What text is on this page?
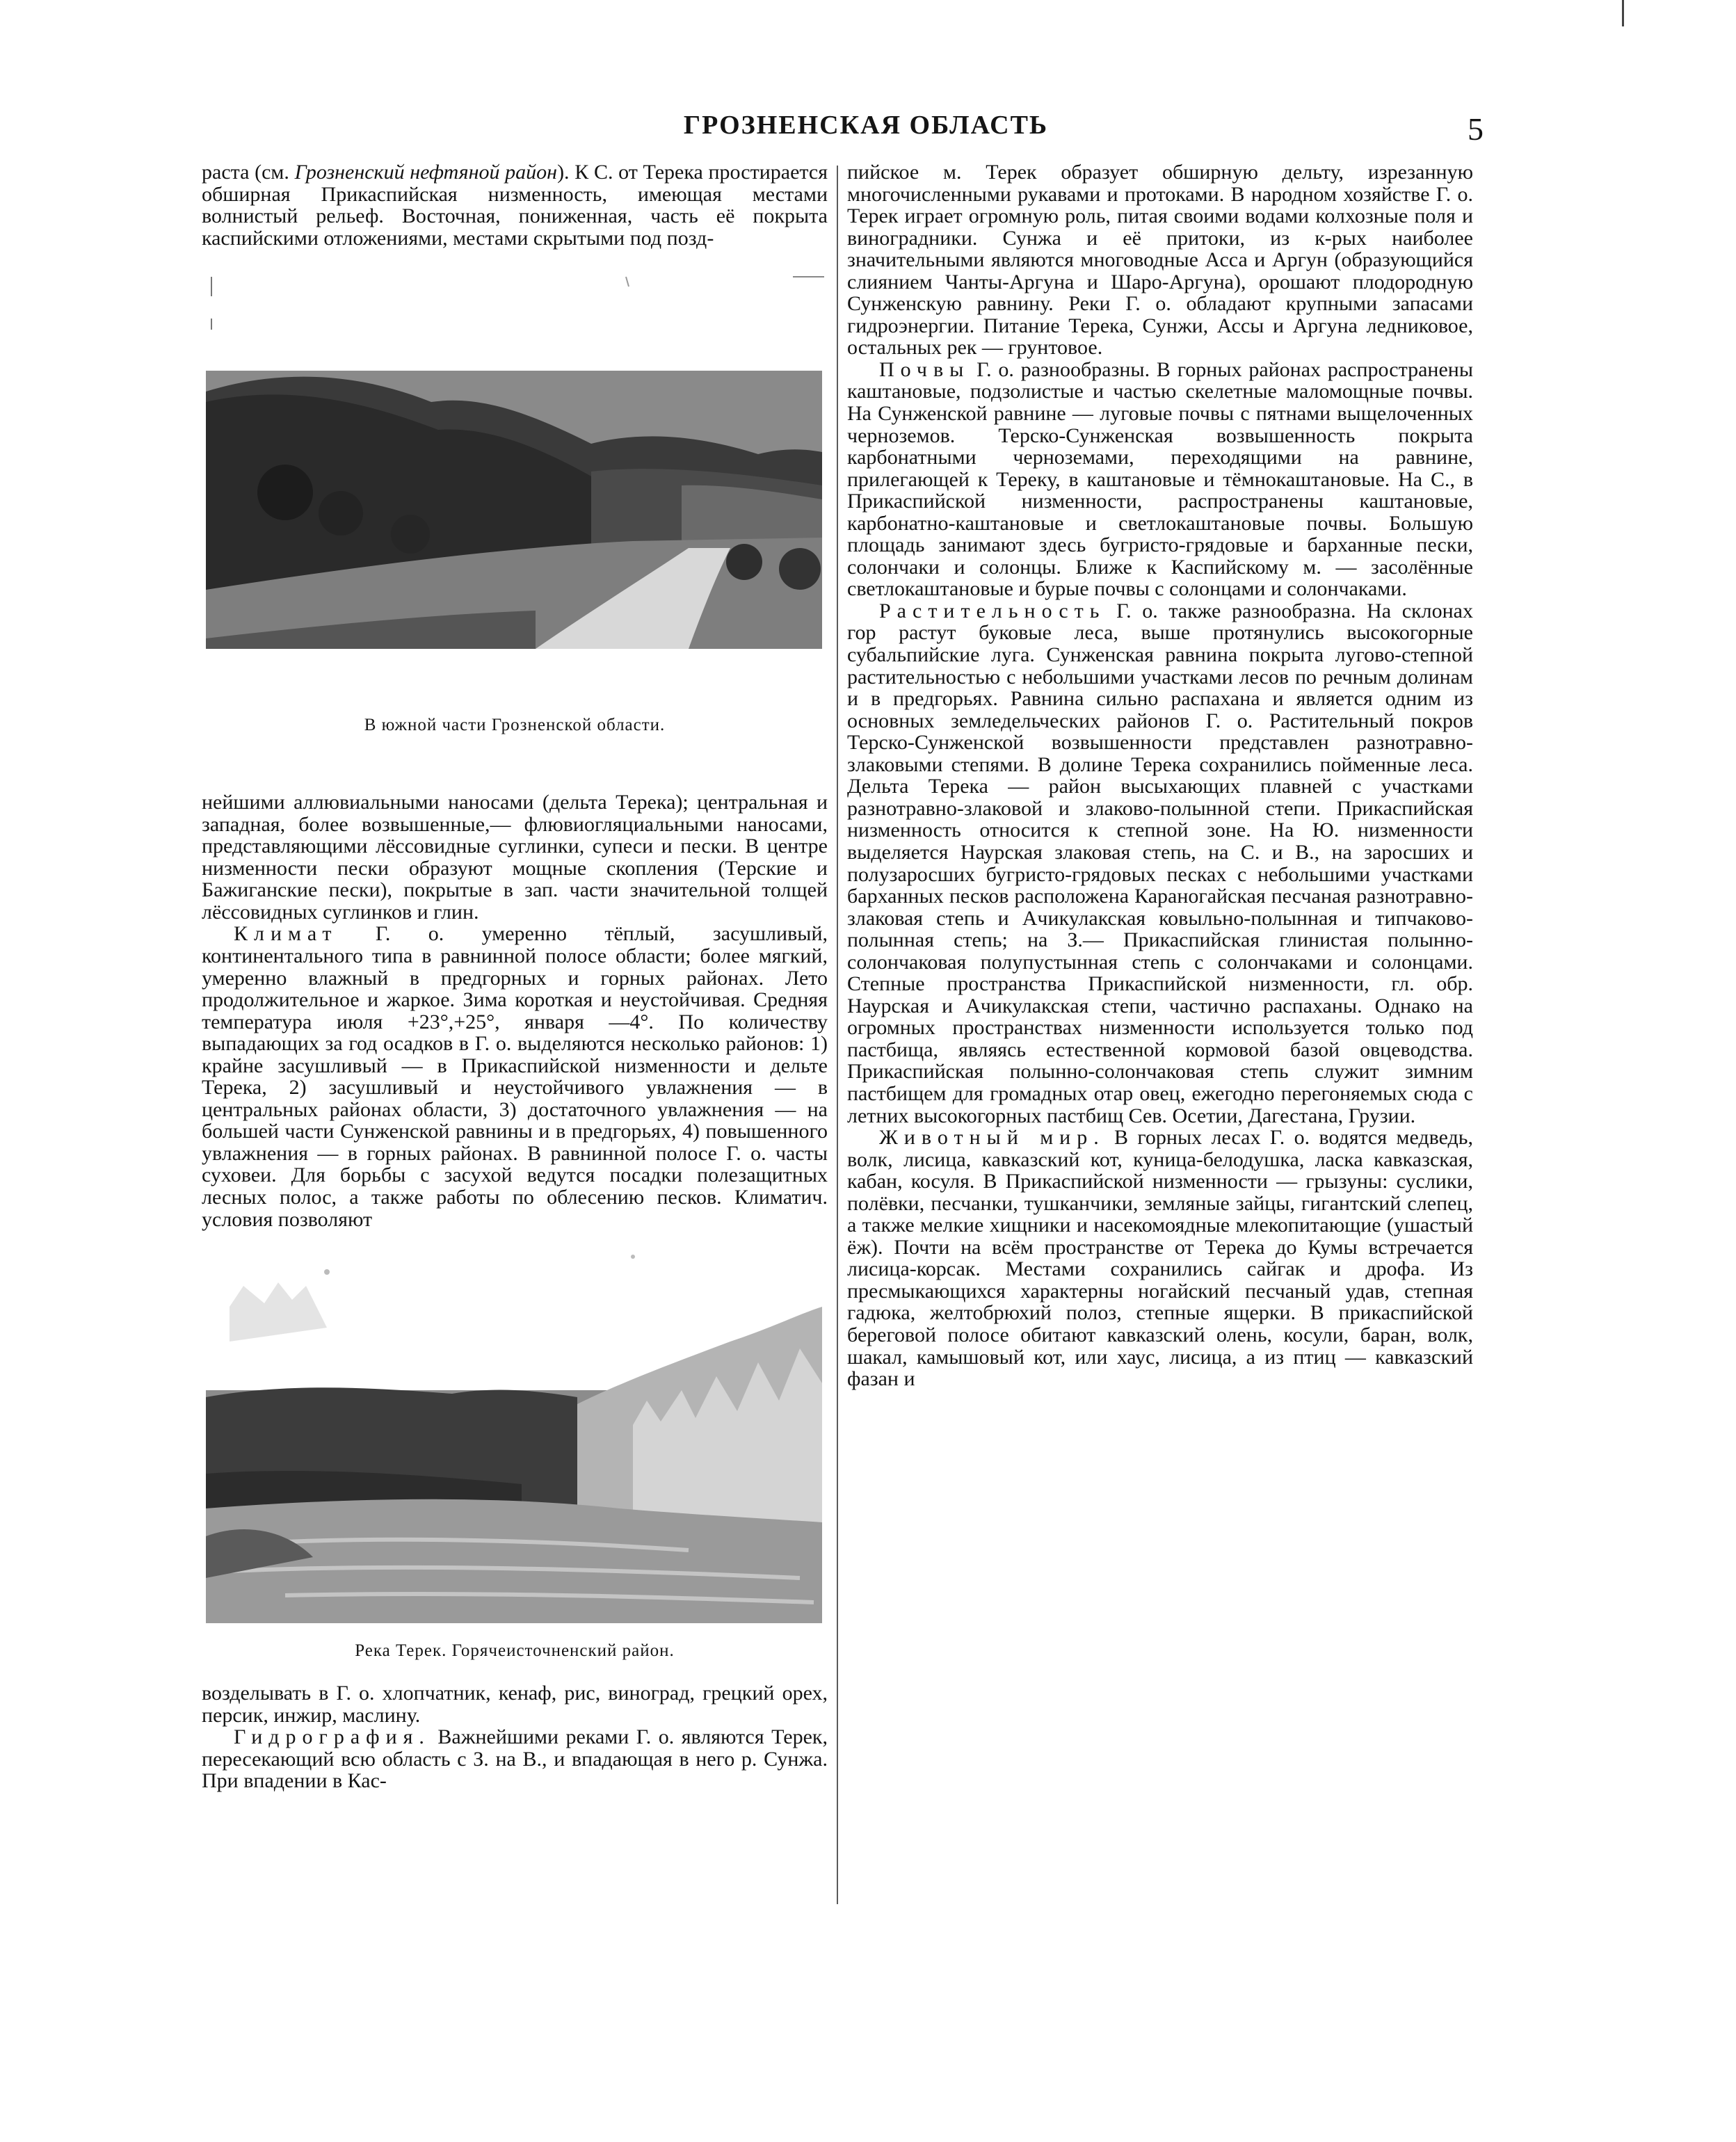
ГРОЗНЕНСКАЯ ОБЛАСТЬ	5

раста (см. Грозненский нефтяной район). К С. от Терека простирается обширная Прикаспийская низменность, имеющая местами волнистый рельеф. Восточная, пониженная, часть её покрыта каспийскими отложениями, местами скрытыми под позд-

В южной части Грозненской области.

нейшими аллювиальными наносами (дельта Терека); центральная и западная, более возвышенные,— флювиогляциальными наносами, представляющими лёссовидные суглинки, супеси и пески. В центре низменности пески образуют мощные скопления (Терские и Бажиганские пески), покрытые в зап. части значительной толщей лёссовидных суглинков и глин.

Климат Г. о. умеренно тёплый, засушливый, континентального типа в равнинной полосе области; более мягкий, умеренно влажный в предгорных и горных районах. Лето продолжительное и жаркое. Зима короткая и неустойчивая. Средняя температура июля +23°,+25°, января —4°. По количеству выпадающих за год осадков в Г. о. выделяются несколько районов: 1) крайне засушливый — в Прикаспийской низменности и дельте Терека, 2) засушливый и неустойчивого увлажнения — в центральных районах области, 3) достаточного увлажнения — на большей части Сунженской равнины и в предгорьях, 4) повышенного увлажнения — в горных районах. В равнинной полосе Г. о. часты суховеи. Для борьбы с засухой ведутся посадки полезащитных лесных полос, а также работы по облесению песков. Климатич. условия позволяют

Река Терек. Горячеисточненский район.

возделывать в Г. о. хлопчатник, кенаф, рис, виноград, грецкий орех, персик, инжир, маслину.

Гидрография. Важнейшими реками Г. о. являются Терек, пересекающий всю область с З. на В., и впадающая в него р. Сунжа. При впадении в Кас-

пийское м. Терек образует обширную дельту, изрезанную многочисленными рукавами и протоками. В народном хозяйстве Г. о. Терек играет огромную роль, питая своими водами колхозные поля и виноградники. Сунжа и её притоки, из к-рых наиболее значительными являются многоводные Асса и Аргун (образующийся слиянием Чанты-Аргуна и Шаро-Аргуна), орошают плодородную Сунженскую равнину. Реки Г. о. обладают крупными запасами гидроэнергии. Питание Терека, Сунжи, Ассы и Аргуна ледниковое, остальных рек — грунтовое.

Почвы Г. о. разнообразны. В горных районах распространены каштановые, подзолистые и частью скелетные маломощные почвы. На Сунженской равнине — луговые почвы с пятнами выщелоченных черноземов. Терско-Сунженская возвышенность покрыта карбонатными черноземами, переходящими на равнине, прилегающей к Тереку, в каштановые и тёмнокаштановые. На С., в Прикаспийской низменности, распространены каштановые, карбонатно-каштановые и светлокаштановые почвы. Большую площадь занимают здесь бугристо-грядовые и барханные пески, солончаки и солонцы. Ближе к Каспийскому м. — засолённые светлокаштановые и бурые почвы с солонцами и солончаками.

Растительность Г. о. также разнообразна. На склонах гор растут буковые леса, выше протянулись высокогорные субальпийские луга. Сунженская равнина покрыта лугово-степной растительностью с небольшими участками лесов по речным долинам и в предгорьях. Равнина сильно распахана и является одним из основных земледельческих районов Г. о. Растительный покров Терско-Сунженской возвышенности представлен разнотравно-злаковыми степями. В долине Терека сохранились пойменные леса. Дельта Терека — район высыхающих плавней с участками разнотравно-злаковой и злаково-полынной степи. Прикаспийская низменность относится к степной зоне. На Ю. низменности выделяется Наурская злаковая степь, на С. и В., на заросших и полузаросших бугристо-грядовых песках с небольшими участками барханных песков расположена Караногайская песчаная разнотравно-злаковая степь и Ачикулакская ковыльно-полынная и типчаково-полынная степь; на З.— Прикаспийская глинистая полынно-солончаковая полупустынная степь с солончаками и солонцами. Степные пространства Прикаспийской низменности, гл. обр. Наурская и Ачикулакская степи, частично распаханы. Однако на огромных пространствах низменности используется только под пастбища, являясь естественной кормовой базой овцеводства. Прикаспийская полынно-солончаковая степь служит зимним пастбищем для громадных отар овец, ежегодно перегоняемых сюда с летних высокогорных пастбищ Сев. Осетии, Дагестана, Грузии.

Животный мир. В горных лесах Г. о. водятся медведь, волк, лисица, кавказский кот, куница-белодушка, ласка кавказская, кабан, косуля. В Прикаспийской низменности — грызуны: суслики, полёвки, песчанки, тушканчики, земляные зайцы, гигантский слепец, а также мелкие хищники и насекомоядные млекопитающие (ушастый ёж). Почти на всём пространстве от Терека до Кумы встречается лисица-корсак. Местами сохранились сайгак и дрофа. Из пресмыкающихся характерны ногайский песчаный удав, степная гадюка, желтобрюхий полоз, степные ящерки. В прикаспийской береговой полосе обитают кавказский олень, косули, баран, волк, шакал, камышовый кот, или хаус, лисица, а из птиц — кавказский фазан и
